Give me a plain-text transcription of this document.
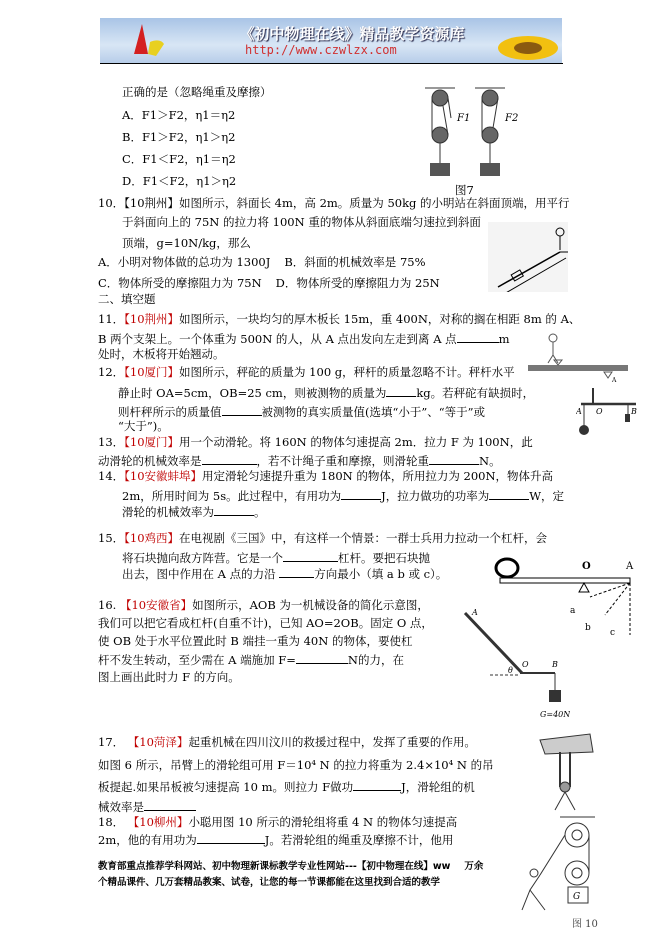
《初中物理在线》精品教学资源库
http://www.czwlzx.com
正确的是（忽略绳重及摩擦）
A．F1＞F2，η1＝η2
B．F1＞F2，η1＞η2
C．F1＜F2，η1＝η2
D．F1＜F2，η1＞η2
F1	F2
图7
10．【10荆州】如图所示，斜面长 4m，高 2m。质量为 50kg 的小明站在斜面顶端，用平行
于斜面向上的 75N 的拉力将 100N 重的物体从斜面底端匀速拉到斜面
顶端，g=10N/kg，那么
A．小明对物体做的总功为 1300J B．斜面的机械效率是 75%
C．物体所受的摩擦阻力为 75N D．物体所受的摩擦阻力为 25N
二、填空题
11．【10荆州】如图所示，一块均匀的厚木板长 15m，重 400N，对称的搁在相距 8m 的 A、
B 两个支架上。一个体重为 500N 的人，从 A 点出发向左走到离 A 点	m
处时，木板将开始翘动。
A
12．【10厦门】如图所示，秤砣的质量为 100 g，秤杆的质量忽略不计。秤杆水平
静止时 OA=5cm，OB=25 cm，则被测物的质量为	kg。若秤砣有缺损时，
则杆秤所示的质量值	被测物的真实质量值(选填“小于”、“等于”或
“大于”)。
A O	B
13．【10厦门】用一个动滑轮。将 160N 的物体匀速提高 2m．拉力 F 为 100N，此
动滑轮的机械效率是	，若不计绳子重和摩擦，则滑轮重	N。
14．【10安徽蚌埠】用定滑轮匀速提升重为 180N 的物体，所用拉力为 200N，物体升高
2m，所用时间为 5s。此过程中，有用功为	J，拉力做功的功率为	W，定
滑轮的机械效率为	。
15．【10鸡西】在电视剧《三国》中，有这样一个情景：一群士兵用力拉动一个杠杆，会
将石块抛向敌方阵营。它是一个	杠杆。要把石块抛
出去，图中作用在 A 点的力沿	方向最小（填 a b 或 c）。
O	A
a
b c
16. 【10安徽省】如图所示，AOB 为一机械设备的简化示意图，
我们可以把它看成杠杆(自重不计)，已知 AO=2OB。固定 O 点，
使 OB 处于水平位置此时 B 端挂一重为 40N 的物体，要使杠
杆不发生转动，至少需在 A 端施加 F=	N的力，在
图上画出此时力 F 的方向。
A
O	B
θ
G=40N
17． 【10菏泽】起重机械在四川汶川的救援过程中，发挥了重要的作用。
如图 6 所示，吊臂上的滑轮组可用 F＝10⁴ N 的拉力将重为 2.4×10⁴ N 的吊
板提起.如果吊板被匀速提高 10 m。则拉力 F做功	J，滑轮组的机
械效率是
18． 【10柳州】小聪用图 10 所示的滑轮组将重 4 N 的物体匀速提高
2m，他的有用功为	J。若滑轮组的绳重及摩擦不计，他用
G
图 10
教育部重点推荐学科网站、初中物理新课标教学专业性网站---【初中物理在线】ww 万余
个精品课件、几万套精品教案、试卷，让您的每一节课都能在这里找到合适的教学
